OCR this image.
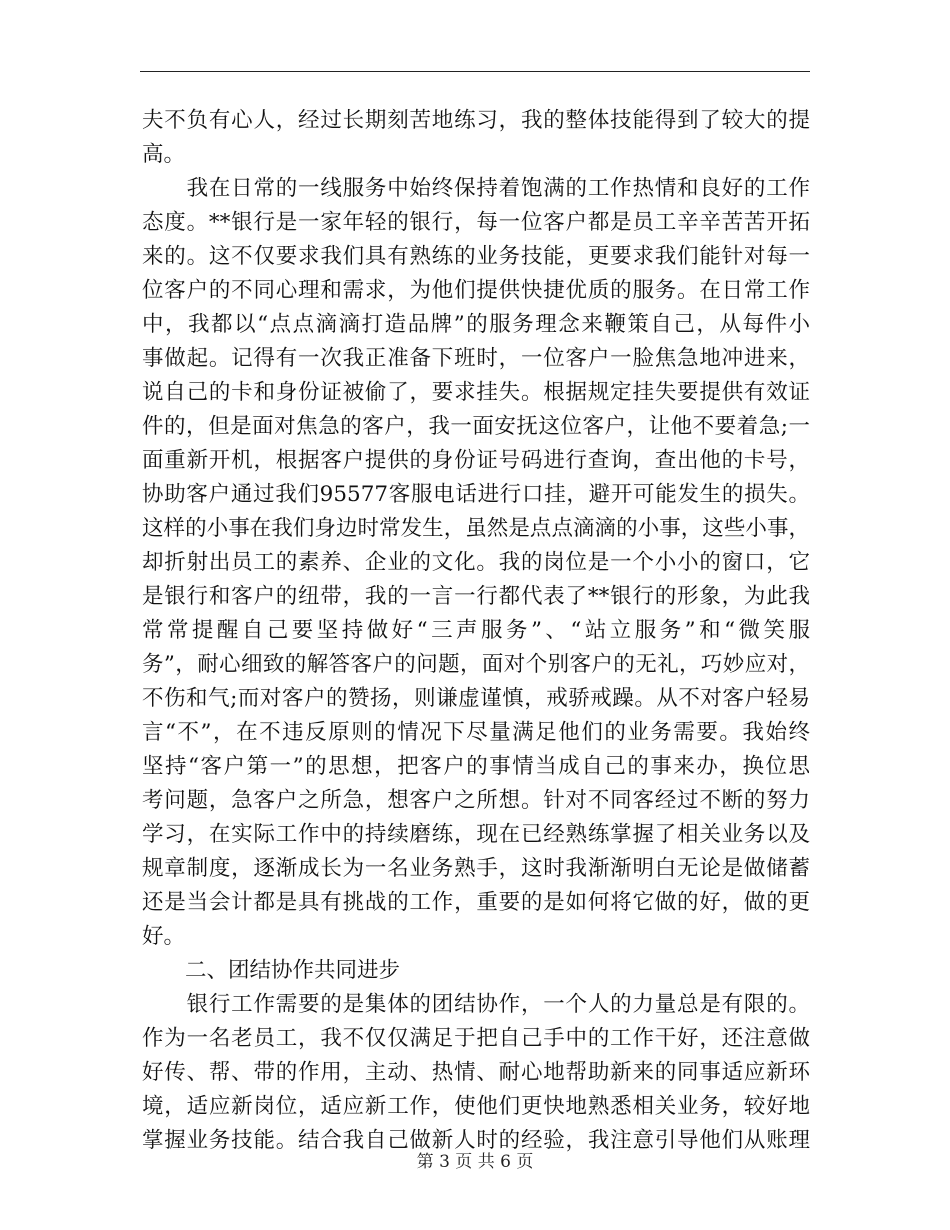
夫不负有心人，经过长期刻苦地练习，我的整体技能得到了较大的提
高。
　　我在日常的一线服务中始终保持着饱满的工作热情和良好的工作
态度。**银行是一家年轻的银行，每一位客户都是员工辛辛苦苦开拓
来的。这不仅要求我们具有熟练的业务技能，更要求我们能针对每一
位客户的不同心理和需求，为他们提供快捷优质的服务。在日常工作
中，我都以“点点滴滴打造品牌”的服务理念来鞭策自己，从每件小
事做起。记得有一次我正准备下班时，一位客户一脸焦急地冲进来，
说自己的卡和身份证被偷了，要求挂失。根据规定挂失要提供有效证
件的，但是面对焦急的客户，我一面安抚这位客户，让他不要着急;一
面重新开机，根据客户提供的身份证号码进行查询，查出他的卡号，
协助客户通过我们95577客服电话进行口挂，避开可能发生的损失。
这样的小事在我们身边时常发生，虽然是点点滴滴的小事，这些小事，
却折射出员工的素养、企业的文化。我的岗位是一个小小的窗口，它
是银行和客户的纽带，我的一言一行都代表了**银行的形象，为此我
常常提醒自己要坚持做好“三声服务”、“站立服务”和“微笑服
务”，耐心细致的解答客户的问题，面对个别客户的无礼，巧妙应对，
不伤和气;而对客户的赞扬，则谦虚谨慎，戒骄戒躁。从不对客户轻易
言“不”，在不违反原则的情况下尽量满足他们的业务需要。我始终
坚持“客户第一”的思想，把客户的事情当成自己的事来办，换位思
考问题，急客户之所急，想客户之所想。针对不同客经过不断的努力
学习，在实际工作中的持续磨练，现在已经熟练掌握了相关业务以及
规章制度，逐渐成长为一名业务熟手，这时我渐渐明白无论是做储蓄
还是当会计都是具有挑战的工作，重要的是如何将它做的好，做的更
好。
　　二、团结协作共同进步
　　银行工作需要的是集体的团结协作，一个人的力量总是有限的。
作为一名老员工，我不仅仅满足于把自己手中的工作干好，还注意做
好传、帮、带的作用，主动、热情、耐心地帮助新来的同事适应新环
境，适应新岗位，适应新工作，使他们更快地熟悉相关业务，较好地
掌握业务技能。结合我自己做新人时的经验，我注意引导他们从账理
第 3 页 共 6 页
